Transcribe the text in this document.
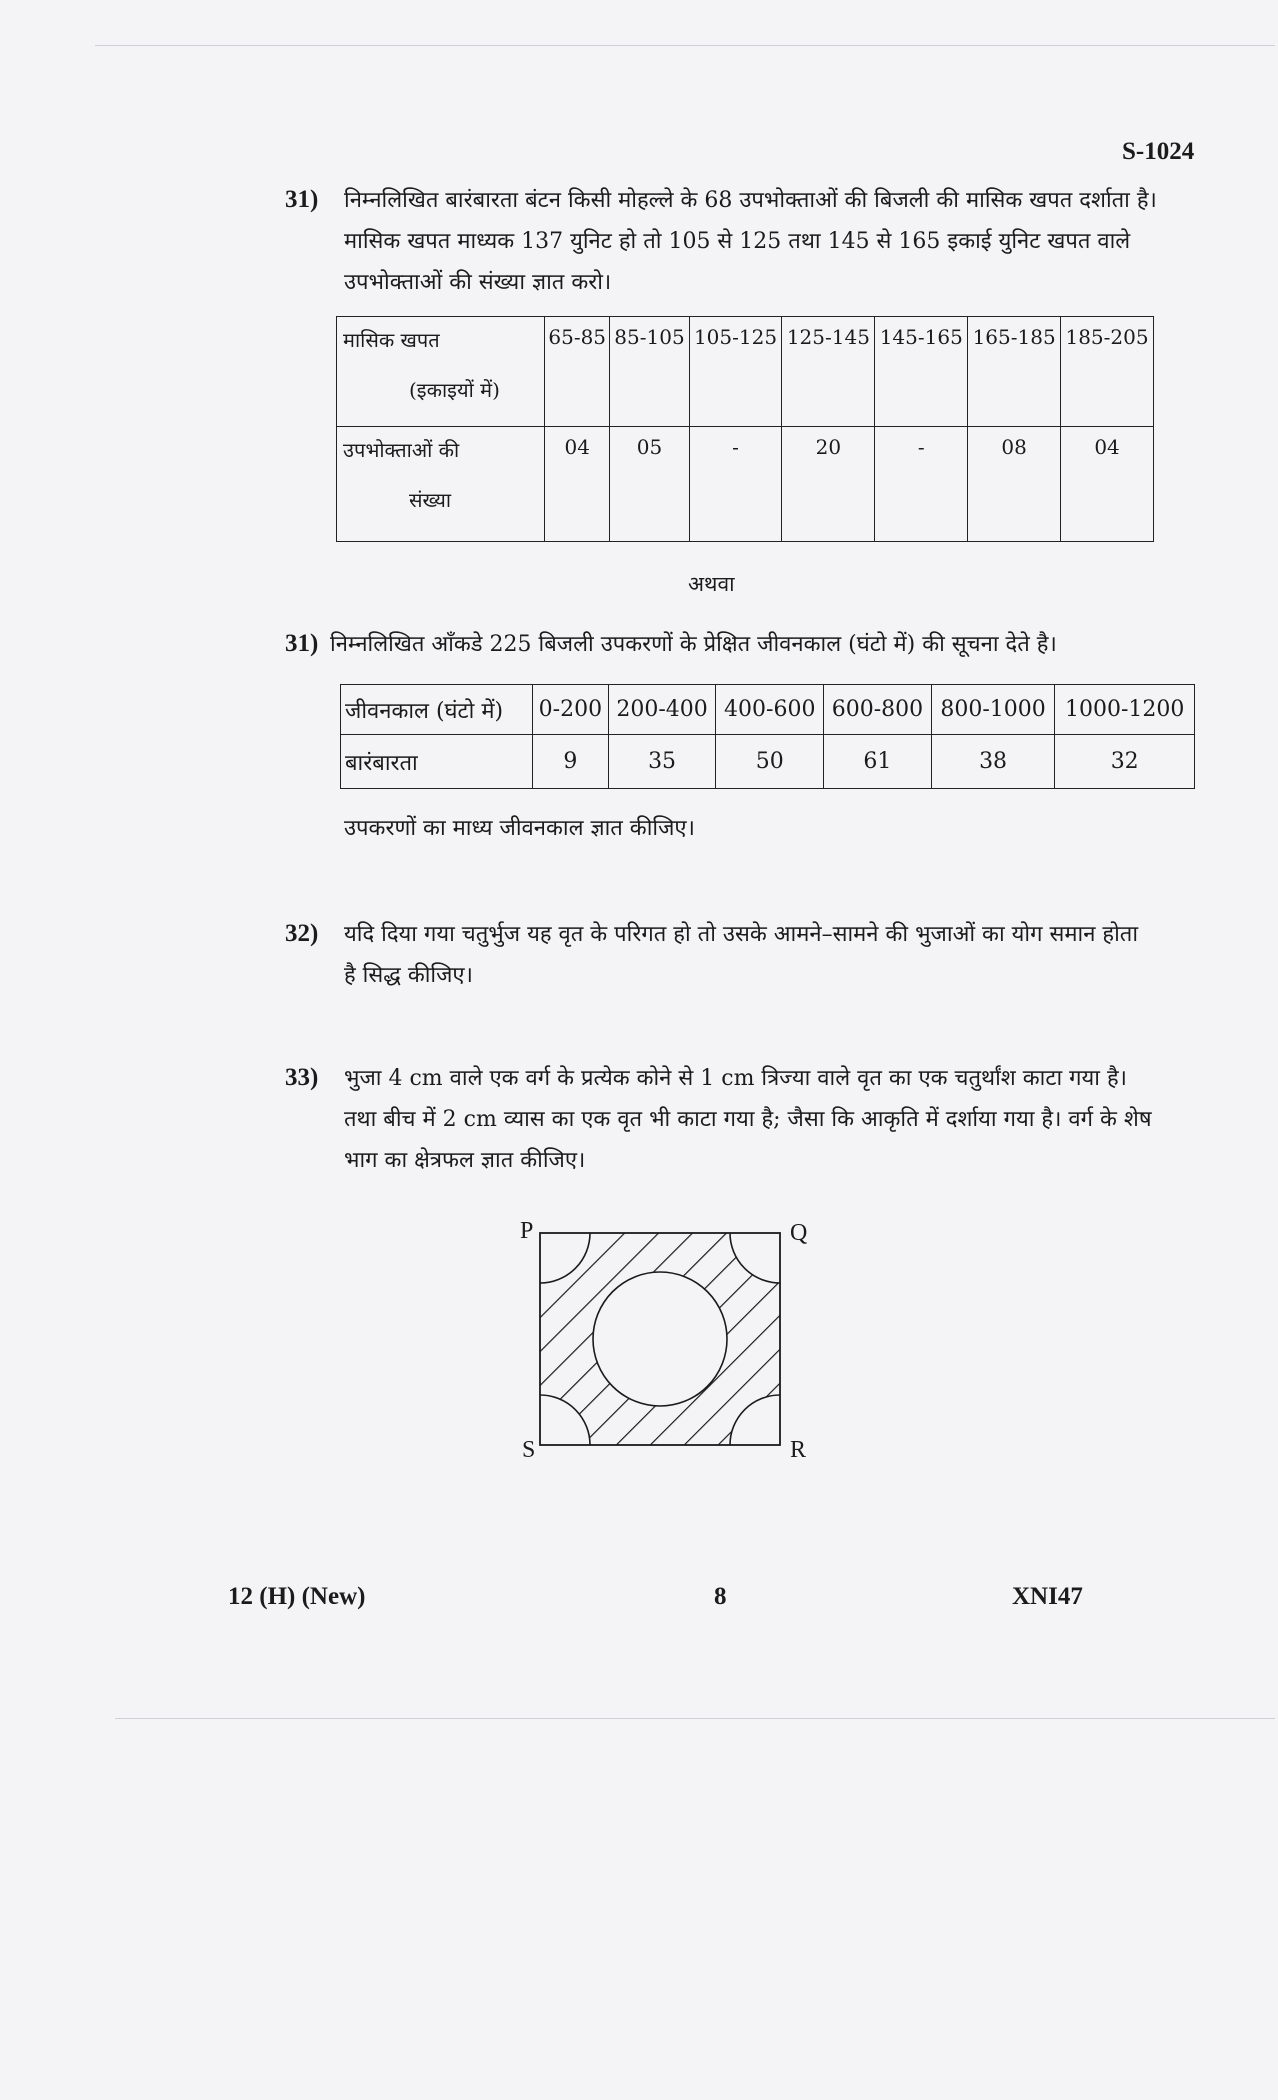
S-1024
31) निम्नलिखित बारंबारता बंटन किसी मोहल्ले के 68 उपभोक्ताओं की बिजली की मासिक खपत दर्शाता है।

मासिक खपत माध्यक 137 युनिट हो तो 105 से 125 तथा 145 से 165 इकाई युनिट खपत वाले

उपभोक्ताओं की संख्या ज्ञात करो।

मासिक खपत
(इकाइयों में)	65-85	85-105	105-125	125-145	145-165	165-185	185-205
उपभोक्ताओं की
संख्या	04	05	-	20	-	08	04
अथवा
31) निम्नलिखित आँकडे 225 बिजली उपकरणों के प्रेक्षित जीवनकाल (घंटो में) की सूचना देते है।
जीवनकाल (घंटो में)	0-200	200-400	400-600	600-800	800-1000	1000-1200
बारंबारता	9	35	50	61	38	32
उपकरणों का माध्य जीवनकाल ज्ञात कीजिए।
32) यदि दिया गया चतुर्भुज यह वृत के परिगत हो तो उसके आमने–सामने की भुजाओं का योग समान होता

है सिद्ध कीजिए।

33) भुजा 4 cm वाले एक वर्ग के प्रत्येक कोने से 1 cm त्रिज्या वाले वृत का एक चतुर्थांश काटा गया है।

तथा बीच में 2 cm व्यास का एक वृत भी काटा गया है; जैसा कि आकृति में दर्शाया गया है। वर्ग के शेष

भाग का क्षेत्रफल ज्ञात कीजिए।

P	Q
S	R
12 (H) (New)	8	XNI47
